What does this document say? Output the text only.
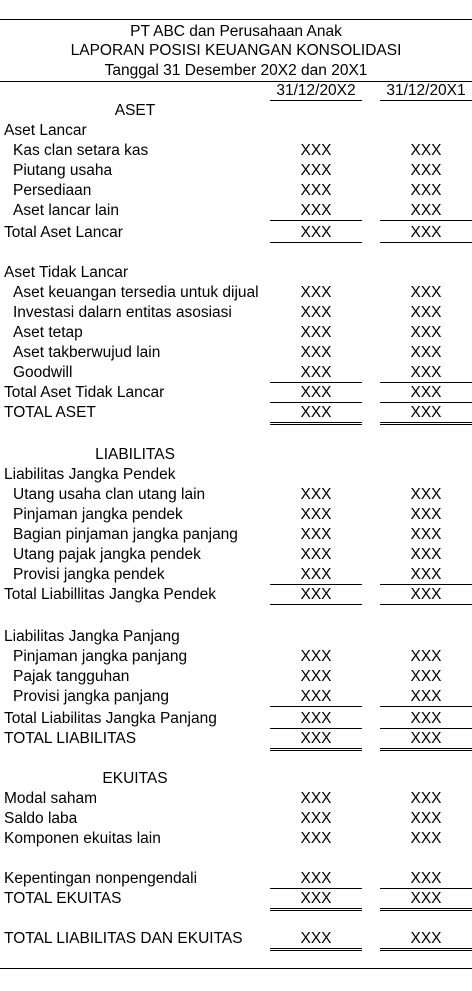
PT ABC dan Perusahaan Anak
LAPORAN POSISI KEUANGAN KONSOLIDASI
Tanggal 31 Desember 20X2 dan 20X1
31/12/20X2	31/12/20X1
ASET
LIABILITAS
EKUITAS
Aset Lancar
Kas clan setara kas	XXX	XXX
Piutang usaha	XXX	XXX
Persediaan	XXX	XXX
Aset lancar lain	XXX	XXX
Total Aset Lancar	XXX	XXX
Aset Tidak Lancar
Aset keuangan tersedia untuk dijual	XXX	XXX
Investasi dalarn entitas asosiasi	XXX	XXX
Aset tetap	XXX	XXX
Aset takberwujud lain	XXX	XXX
Goodwill	XXX	XXX
Total Aset Tidak Lancar	XXX	XXX
TOTAL ASET	XXX	XXX
Liabilitas Jangka Pendek
Utang usaha clan utang lain	XXX	XXX
Pinjaman jangka pendek	XXX	XXX
Bagian pinjaman jangka panjang	XXX	XXX
Utang pajak jangka pendek	XXX	XXX
Provisi jangka pendek	XXX	XXX
Total Liabillitas Jangka Pendek	XXX	XXX
Liabilitas Jangka Panjang
Pinjaman jangka panjang	XXX	XXX
Pajak tangguhan	XXX	XXX
Provisi jangka panjang	XXX	XXX
Total Liabilitas Jangka Panjang	XXX	XXX
TOTAL LIABILITAS	XXX	XXX
Modal saham	XXX	XXX
Saldo laba	XXX	XXX
Komponen ekuitas lain	XXX	XXX
Kepentingan nonpengendali	XXX	XXX
TOTAL EKUITAS	XXX	XXX
TOTAL LIABILITAS DAN EKUITAS	XXX	XXX
